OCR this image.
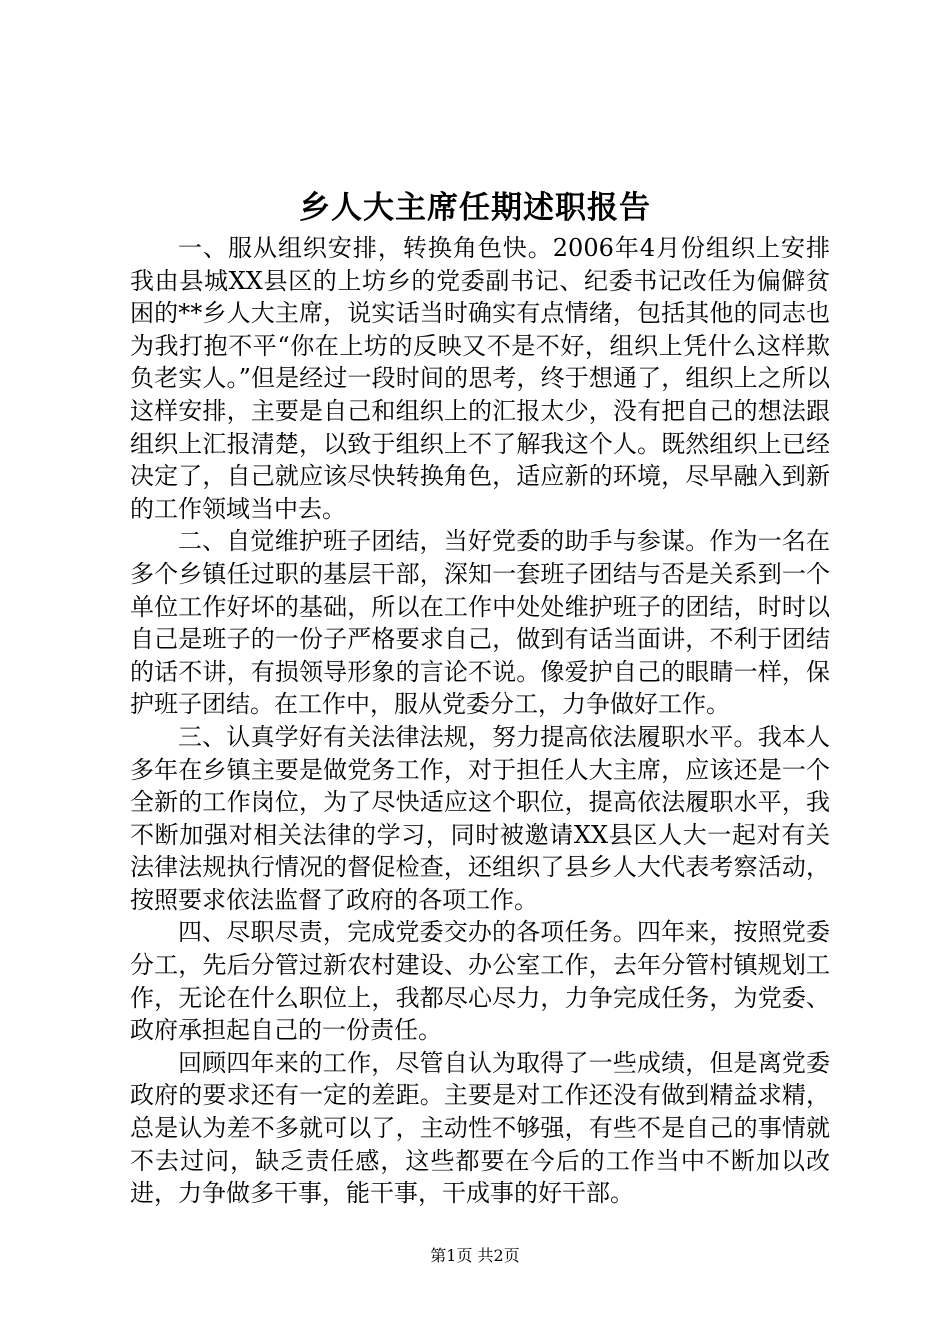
乡人大主席任期述职报告

一、服从组织安排，转换角色快。2006年4月份组织上安排我由县城XX县区的上坊乡的党委副书记、纪委书记改任为偏僻贫困的**乡人大主席，说实话当时确实有点情绪，包括其他的同志也为我打抱不平“你在上坊的反映又不是不好，组织上凭什么这样欺负老实人。”但是经过一段时间的思考，终于想通了，组织上之所以这样安排，主要是自己和组织上的汇报太少，没有把自己的想法跟组织上汇报清楚，以致于组织上不了解我这个人。既然组织上已经决定了，自己就应该尽快转换角色，适应新的环境，尽早融入到新的工作领域当中去。

二、自觉维护班子团结，当好党委的助手与参谋。作为一名在多个乡镇任过职的基层干部，深知一套班子团结与否是关系到一个单位工作好坏的基础，所以在工作中处处维护班子的团结，时时以自己是班子的一份子严格要求自己，做到有话当面讲，不利于团结的话不讲，有损领导形象的言论不说。像爱护自己的眼睛一样，保护班子团结。在工作中，服从党委分工，力争做好工作。

三、认真学好有关法律法规，努力提高依法履职水平。我本人多年在乡镇主要是做党务工作，对于担任人大主席，应该还是一个全新的工作岗位，为了尽快适应这个职位，提高依法履职水平，我不断加强对相关法律的学习，同时被邀请XX县区人大一起对有关法律法规执行情况的督促检查，还组织了县乡人大代表考察活动，按照要求依法监督了政府的各项工作。

四、尽职尽责，完成党委交办的各项任务。四年来，按照党委分工，先后分管过新农村建设、办公室工作，去年分管村镇规划工作，无论在什么职位上，我都尽心尽力，力争完成任务，为党委、政府承担起自己的一份责任。

回顾四年来的工作，尽管自认为取得了一些成绩，但是离党委政府的要求还有一定的差距。主要是对工作还没有做到精益求精，总是认为差不多就可以了，主动性不够强，有些不是自己的事情就不去过问，缺乏责任感，这些都要在今后的工作当中不断加以改进，力争做多干事，能干事，干成事的好干部。

第1页 共2页
